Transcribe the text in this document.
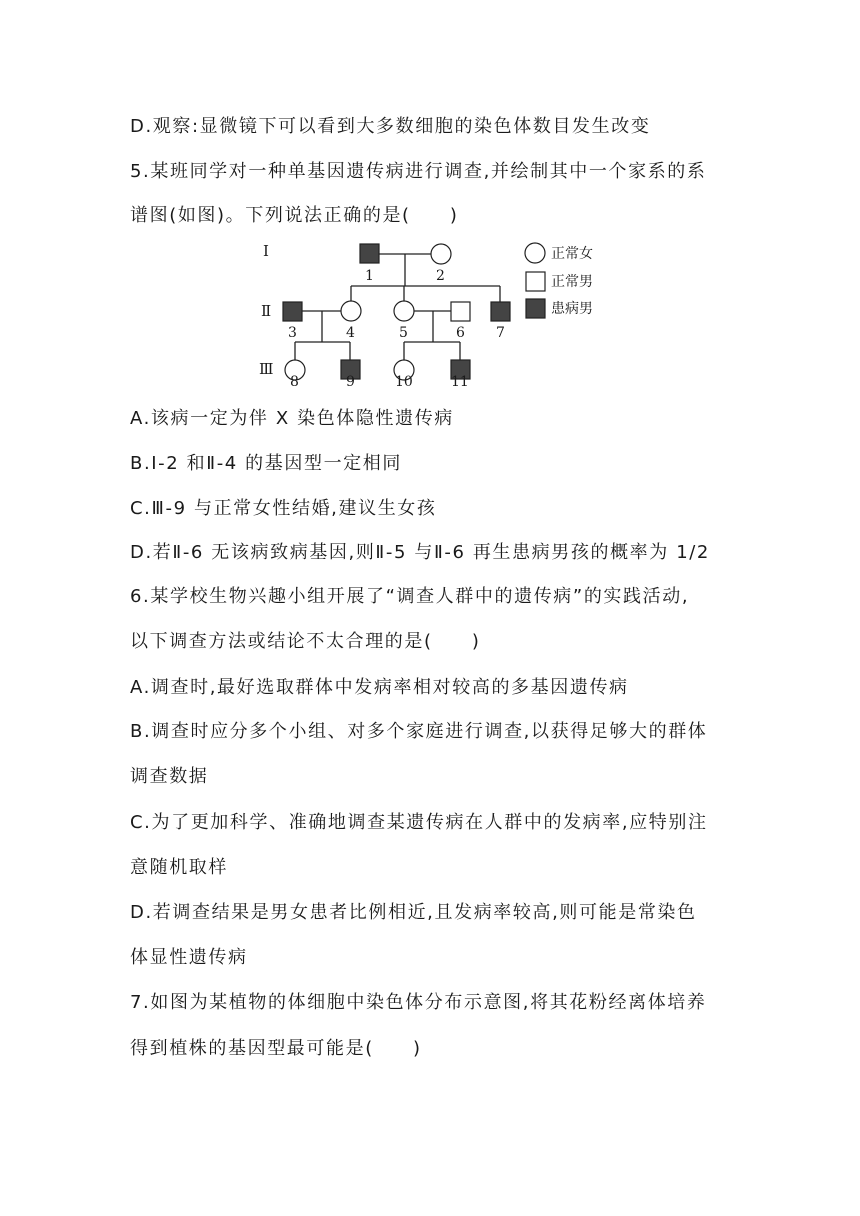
D.观察:显微镜下可以看到大多数细胞的染色体数目发生改变
5.某班同学对一种单基因遗传病进行调查,并绘制其中一个家系的系
谱图(如图)。下列说法正确的是(　　)
Ⅰ
Ⅱ
Ⅲ
1	2
3	4	5	6 7
8	9	10	11
正常女
正常男
患病男
A.该病一定为伴 X 染色体隐性遗传病
B.Ⅰ-2 和Ⅱ-4 的基因型一定相同
C.Ⅲ-9 与正常女性结婚,建议生女孩
D.若Ⅱ-6 无该病致病基因,则Ⅱ-5 与Ⅱ-6 再生患病男孩的概率为 1/2
6.某学校生物兴趣小组开展了“调查人群中的遗传病”的实践活动,
以下调查方法或结论不太合理的是(　　)
A.调查时,最好选取群体中发病率相对较高的多基因遗传病
B.调查时应分多个小组、对多个家庭进行调查,以获得足够大的群体
调查数据
C.为了更加科学、准确地调查某遗传病在人群中的发病率,应特别注
意随机取样
D.若调查结果是男女患者比例相近,且发病率较高,则可能是常染色
体显性遗传病
7.如图为某植物的体细胞中染色体分布示意图,将其花粉经离体培养
得到植株的基因型最可能是(　　)
